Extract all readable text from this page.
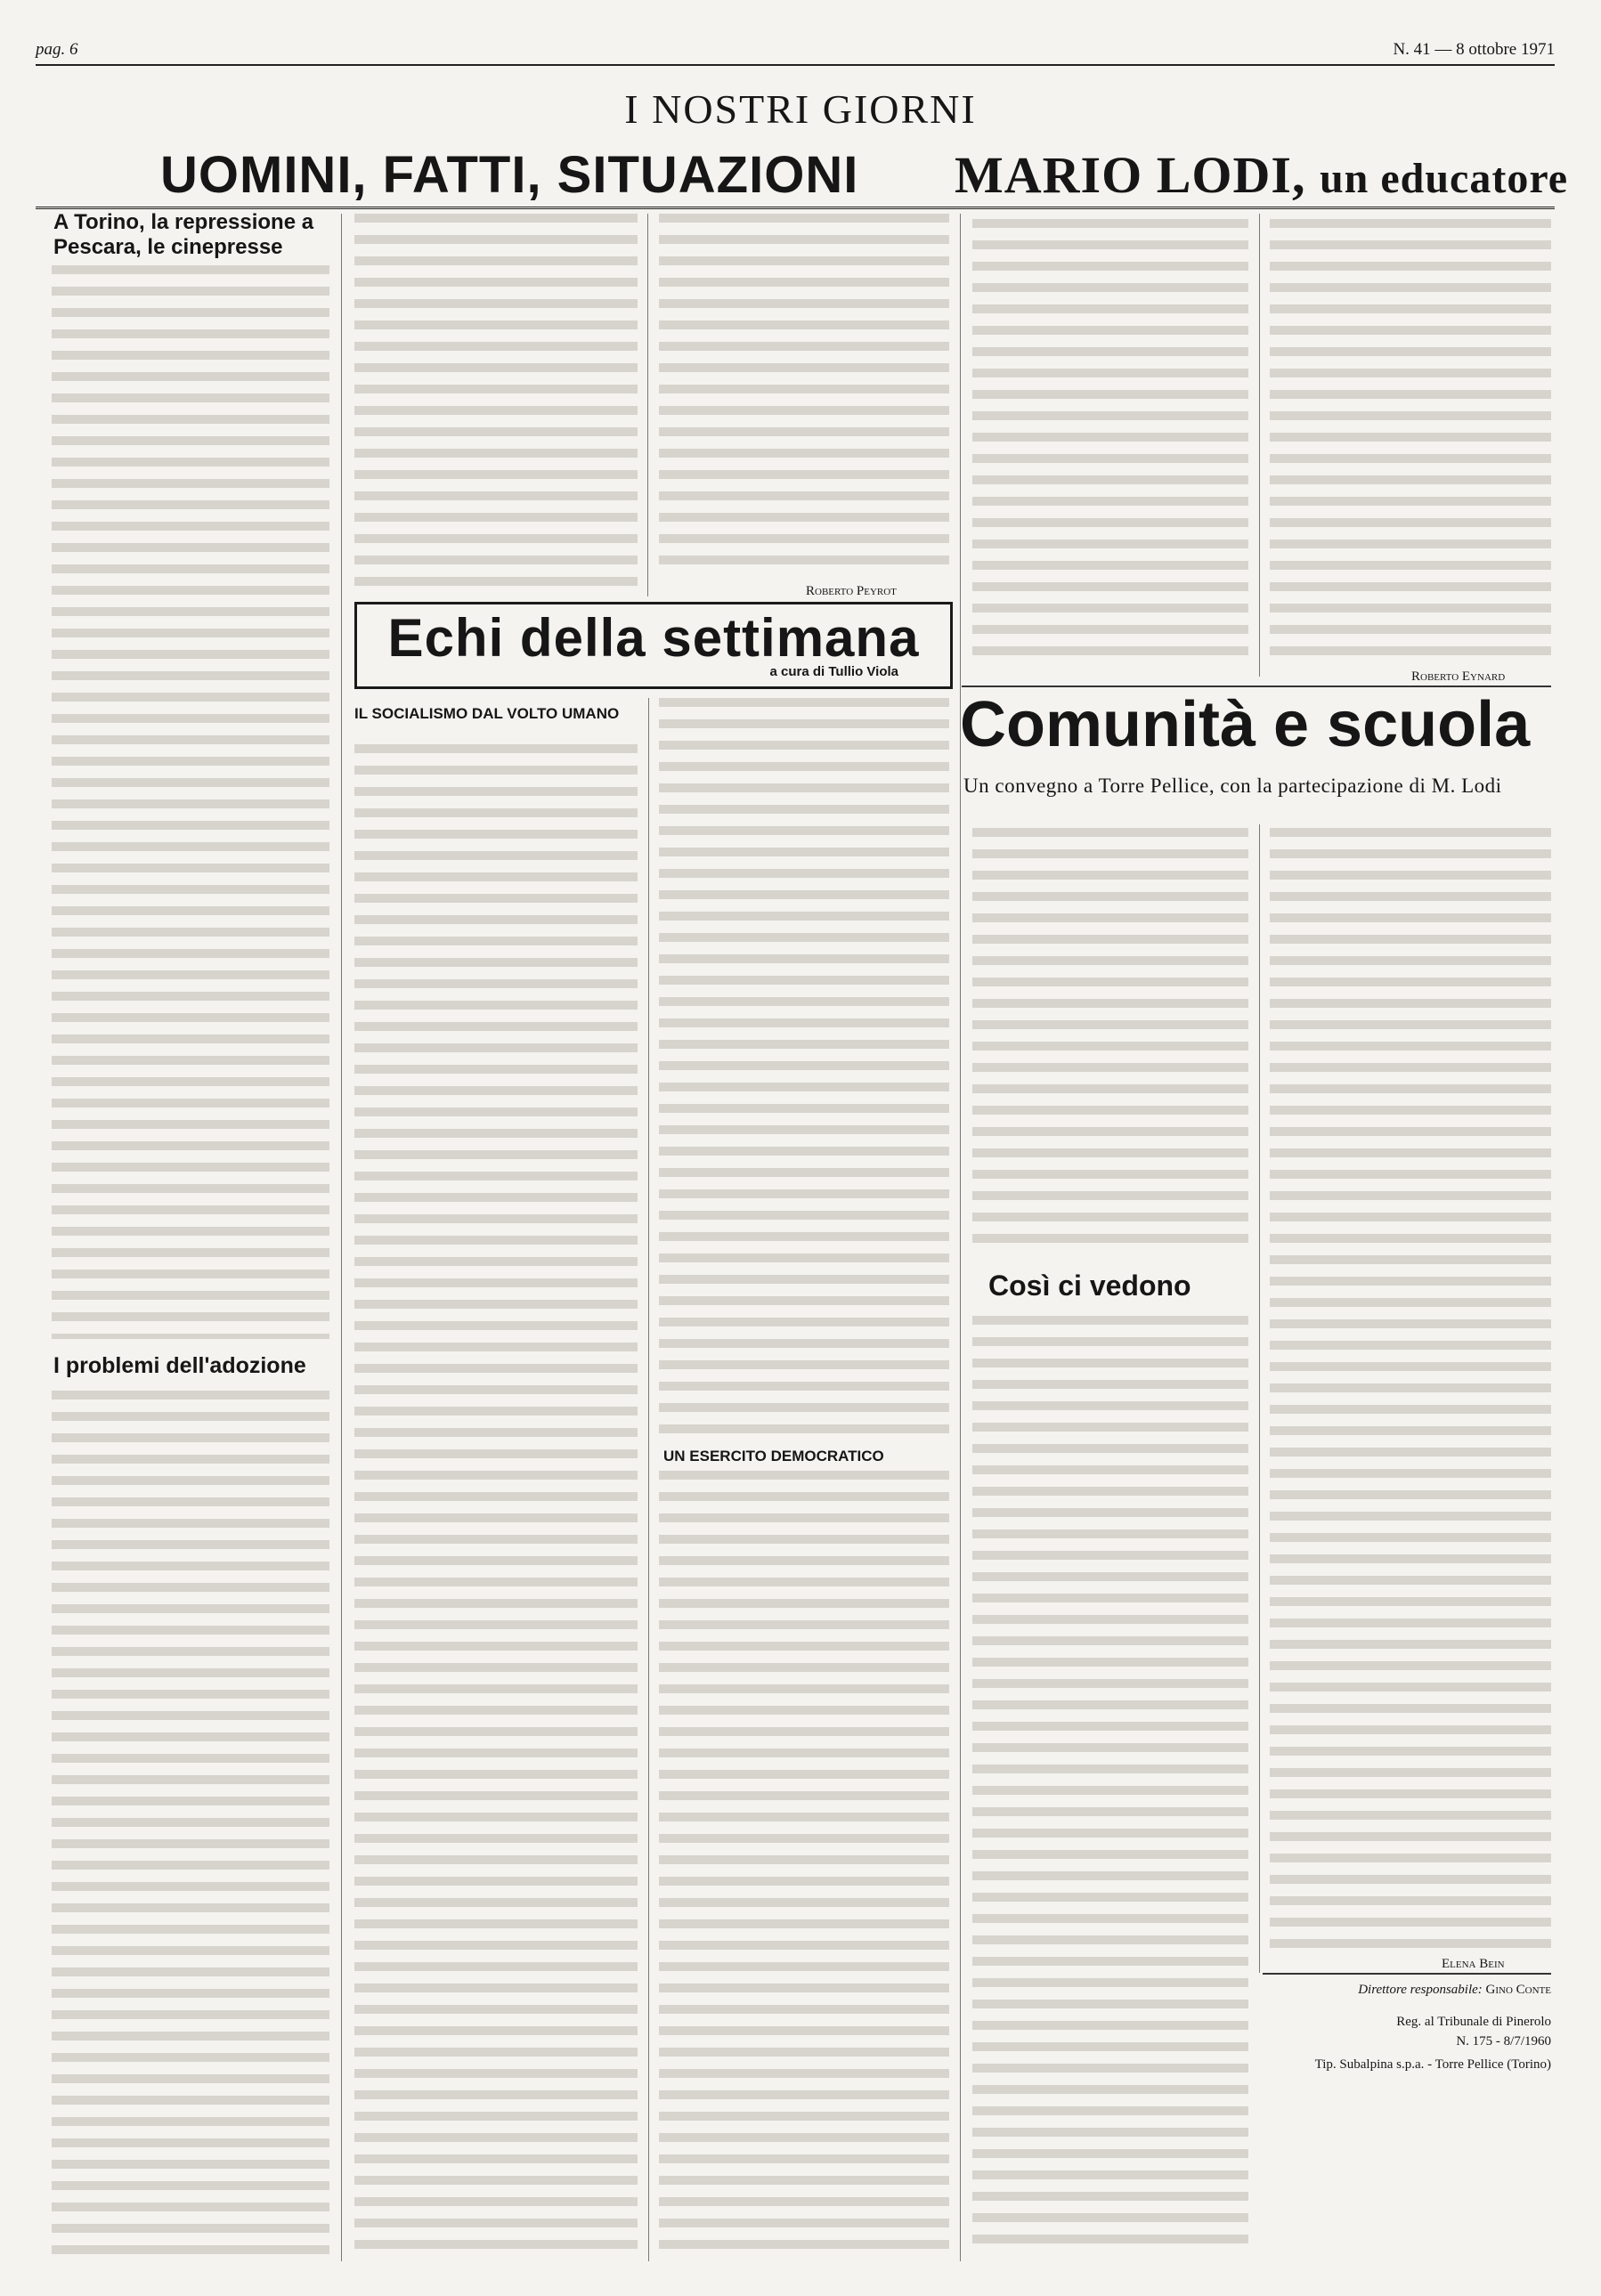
pag. 6	N. 41 — 8 ottobre 1971
I NOSTRI GIORNI
UOMINI, FATTI, SITUAZIONI MARIO LODI, un educatore
A Torino, la repressione a Pescara, le cinepresse
I problemi dell'adozione

Roberto Peyrot

Echi della settimana
a cura di Tullio Viola
IL SOCIALISMO DAL VOLTO UMANO
UN ESERCITO DEMOCRATICO

Roberto Eynard

Comunità e scuola

Un convegno a Torre Pellice, con la partecipazione di M. Lodi

Elena Bein

Così ci vedono

Direttore responsabile: Gino Conte

Reg. al Tribunale di Pinerolo

N. 175 - 8/7/1960

Tip. Subalpina s.p.a. - Torre Pellice (Torino)
